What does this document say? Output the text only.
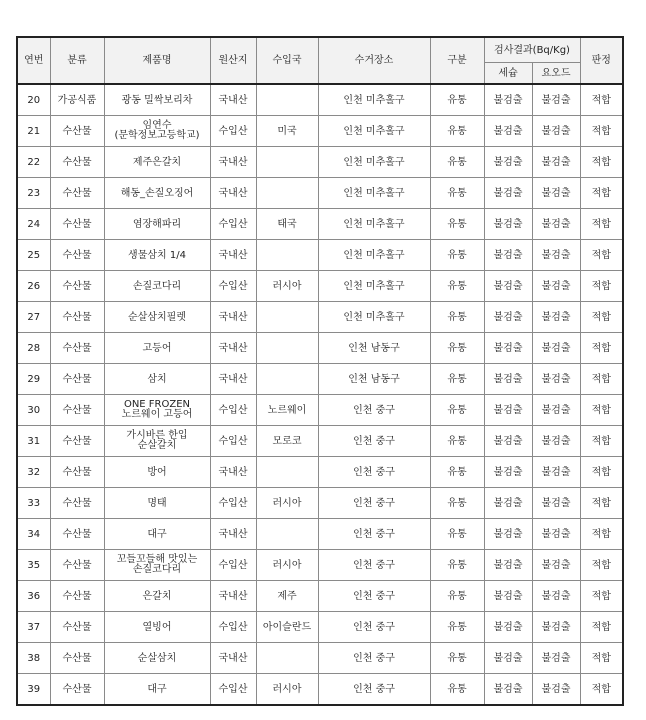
연번	분류	제품명	원산지	수입국	수거장소	구분	검사결과(Bq/Kg)		판정
							세슘	요오드	
20	가공식품	광동 밀싹보리차	국내산		인천 미추홀구	유통	불검출	불검출	적합
21	수산물	임연수
(문학정보고등학교)	수입산	미국	인천 미추홀구	유통	불검출	불검출	적합
22	수산물	제주은갈치	국내산		인천 미추홀구	유통	불검출	불검출	적합
23	수산물	해동_손질오징어	국내산		인천 미추홀구	유통	불검출	불검출	적합
24	수산물	염장해파리	수입산	태국	인천 미추홀구	유통	불검출	불검출	적합
25	수산물	생물삼치 1/4	국내산		인천 미추홀구	유통	불검출	불검출	적합
26	수산물	손질코다리	수입산	러시아	인천 미추홀구	유통	불검출	불검출	적합
27	수산물	순살삼치필렛	국내산		인천 미추홀구	유통	불검출	불검출	적합
28	수산물	고등어	국내산		인천 남동구	유통	불검출	불검출	적합
29	수산물	삼치	국내산		인천 남동구	유통	불검출	불검출	적합
30	수산물	ONE FROZEN
노르웨이 고등어	수입산	노르웨이	인천 중구	유통	불검출	불검출	적합
31	수산물	가시바른 한입
순살갈치	수입산	모로코	인천 중구	유통	불검출	불검출	적합
32	수산물	방어	국내산		인천 중구	유통	불검출	불검출	적합
33	수산물	명태	수입산	러시아	인천 중구	유통	불검출	불검출	적합
34	수산물	대구	국내산		인천 중구	유통	불검출	불검출	적합
35	수산물	꼬들꼬들해 맛있는
손질코다리	수입산	러시아	인천 중구	유통	불검출	불검출	적합
36	수산물	은갈치	국내산	제주	인천 중구	유통	불검출	불검출	적합
37	수산물	열빙어	수입산	아이슬란드	인천 중구	유통	불검출	불검출	적합
38	수산물	순살삼치	국내산		인천 중구	유통	불검출	불검출	적합
39	수산물	대구	수입산	러시아	인천 중구	유통	불검출	불검출	적합
